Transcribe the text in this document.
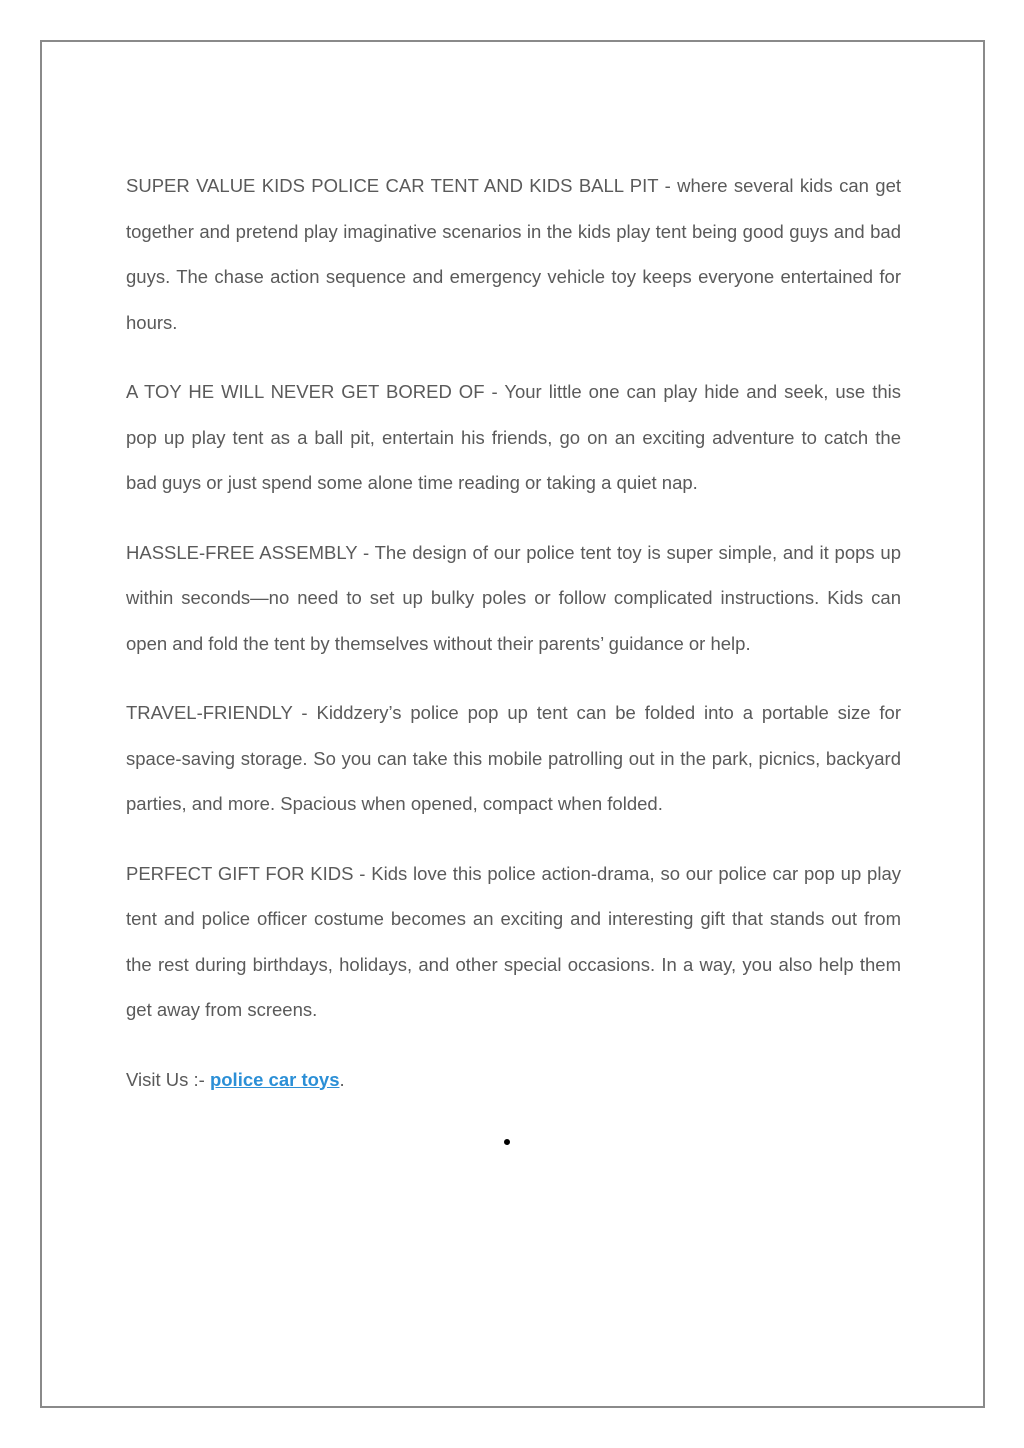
SUPER VALUE KIDS POLICE CAR TENT AND KIDS BALL PIT - where several kids can get together and pretend play imaginative scenarios in the kids play tent being good guys and bad guys. The chase action sequence and emergency vehicle toy keeps everyone entertained for hours.

A TOY HE WILL NEVER GET BORED OF - Your little one can play hide and seek, use this pop up play tent as a ball pit, entertain his friends, go on an exciting adventure to catch the bad guys or just spend some alone time reading or taking a quiet nap.

HASSLE-FREE ASSEMBLY - The design of our police tent toy is super simple, and it pops up within seconds—no need to set up bulky poles or follow complicated instructions. Kids can open and fold the tent by themselves without their parents’ guidance or help.

TRAVEL-FRIENDLY - Kiddzery’s police pop up tent can be folded into a portable size for space-saving storage. So you can take this mobile patrolling out in the park, picnics, backyard parties, and more. Spacious when opened, compact when folded.

PERFECT GIFT FOR KIDS - Kids love this police action-drama, so our police car pop up play tent and police officer costume becomes an exciting and interesting gift that stands out from the rest during birthdays, holidays, and other special occasions. In a way, you also help them get away from screens.

Visit Us :- police car toys.
